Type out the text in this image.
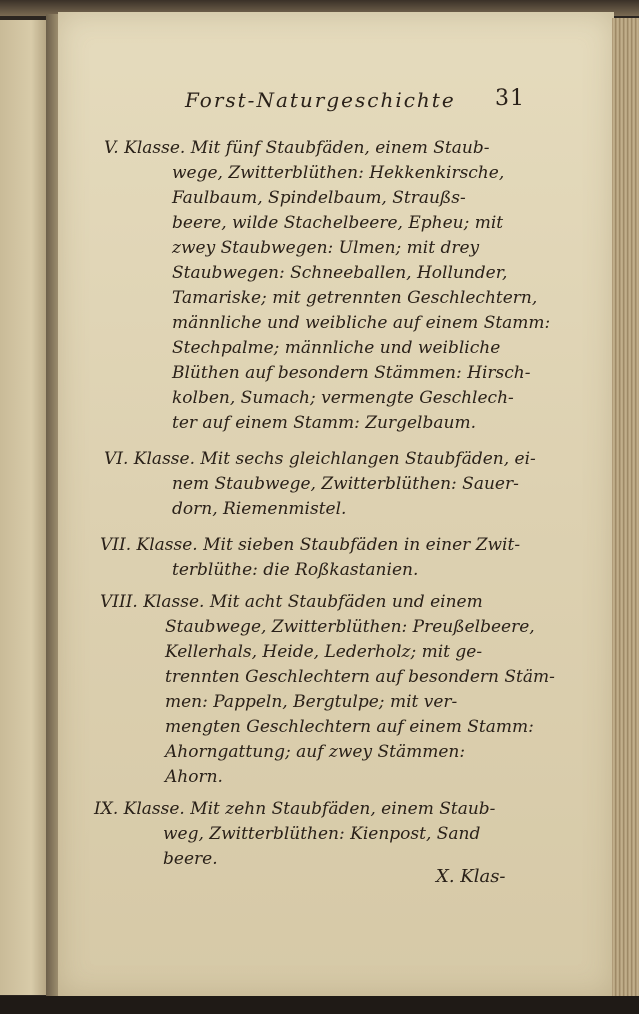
Forst-Naturgeschichte 31
V. Klasse. Mit fünf Staubfäden, einem Staub-
wege, Zwitterblüthen: Hekkenkirsche,
Faulbaum, Spindelbaum, Straußs-
beere, wilde Stachelbeere, Epheu; mit
zwey Staubwegen: Ulmen; mit drey
Staubwegen: Schneeballen, Hollunder,
Tamariske; mit getrennten Geschlechtern,
männliche und weibliche auf einem Stamm:
Stechpalme; männliche und weibliche
Blüthen auf besondern Stämmen: Hirsch-
kolben, Sumach; vermengte Geschlech-
ter auf einem Stamm: Zurgelbaum.
VI. Klasse. Mit sechs gleichlangen Staubfäden, ei-
nem Staubwege, Zwitterblüthen: Sauer-
dorn, Riemenmistel.
VII. Klasse. Mit sieben Staubfäden in einer Zwit-
terblüthe: die Roßkastanien.
VIII. Klasse. Mit acht Staubfäden und einem
Staubwege, Zwitterblüthen: Preußelbeere,
Kellerhals, Heide, Lederholz; mit ge-
trennten Geschlechtern auf besondern Stäm-
men: Pappeln, Bergtulpe; mit ver-
mengten Geschlechtern auf einem Stamm:
Ahorngattung; auf zwey Stämmen:
Ahorn.
IX. Klasse. Mit zehn Staubfäden, einem Staub-
weg, Zwitterblüthen: Kienpost, Sand
beere.
X. Klas-
